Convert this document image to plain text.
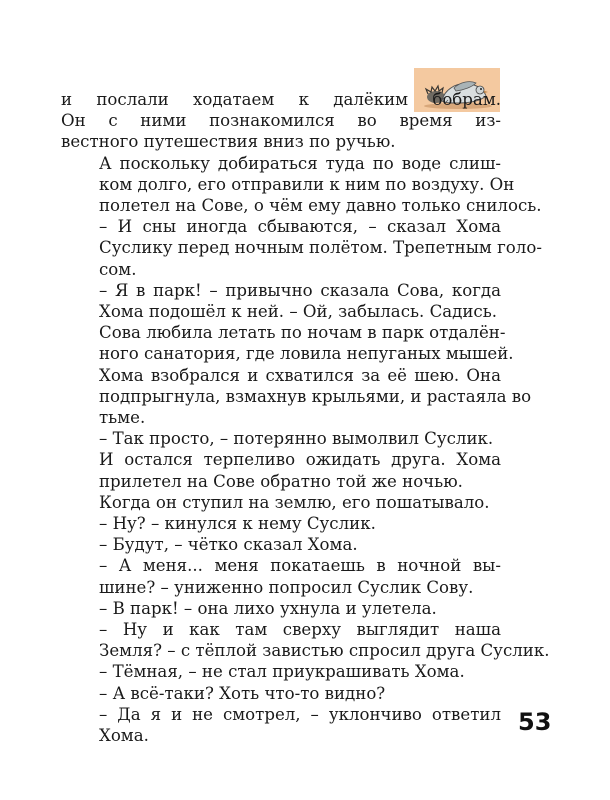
и послали ходатаем к далёким бобрам.
Он с ними познакомился во время из-
вестного путешествия вниз по ручью.

А поскольку добираться туда по воде слиш-
ком долго, его отправили к ним по воздуху. Он
полетел на Сове, о чём ему давно только снилось.

– И сны иногда сбываются, – сказал Хома
Суслику перед ночным полётом. Трепетным голо-
сом.

– Я в парк! – привычно сказала Сова, когда
Хома подошёл к ней. – Ой, забылась. Садись.

Сова любила летать по ночам в парк отдалён-
ного санатория, где ловила непуганых мышей.

Хома взобрался и схватился за её шею. Она
подпрыгнула, взмахнув крыльями, и растаяла во
тьме.

– Так просто, – потерянно вымолвил Суслик.

И остался терпеливо ожидать друга. Хома
прилетел на Сове обратно той же ночью.

Когда он ступил на землю, его пошатывало.

– Ну? – кинулся к нему Суслик.

– Будут, – чётко сказал Хома.

– А меня... меня покатаешь в ночной вы-
шине? – униженно попросил Суслик Сову.

– В парк! – она лихо ухнула и улетела.

– Ну и как там сверху выглядит наша
Земля? – с тёплой завистью спросил друга Суслик.

– Тёмная, – не стал приукрашивать Хома.

– А всё-таки? Хоть что-то видно?

– Да я и не смотрел, – уклончиво ответил
Хома.	53
